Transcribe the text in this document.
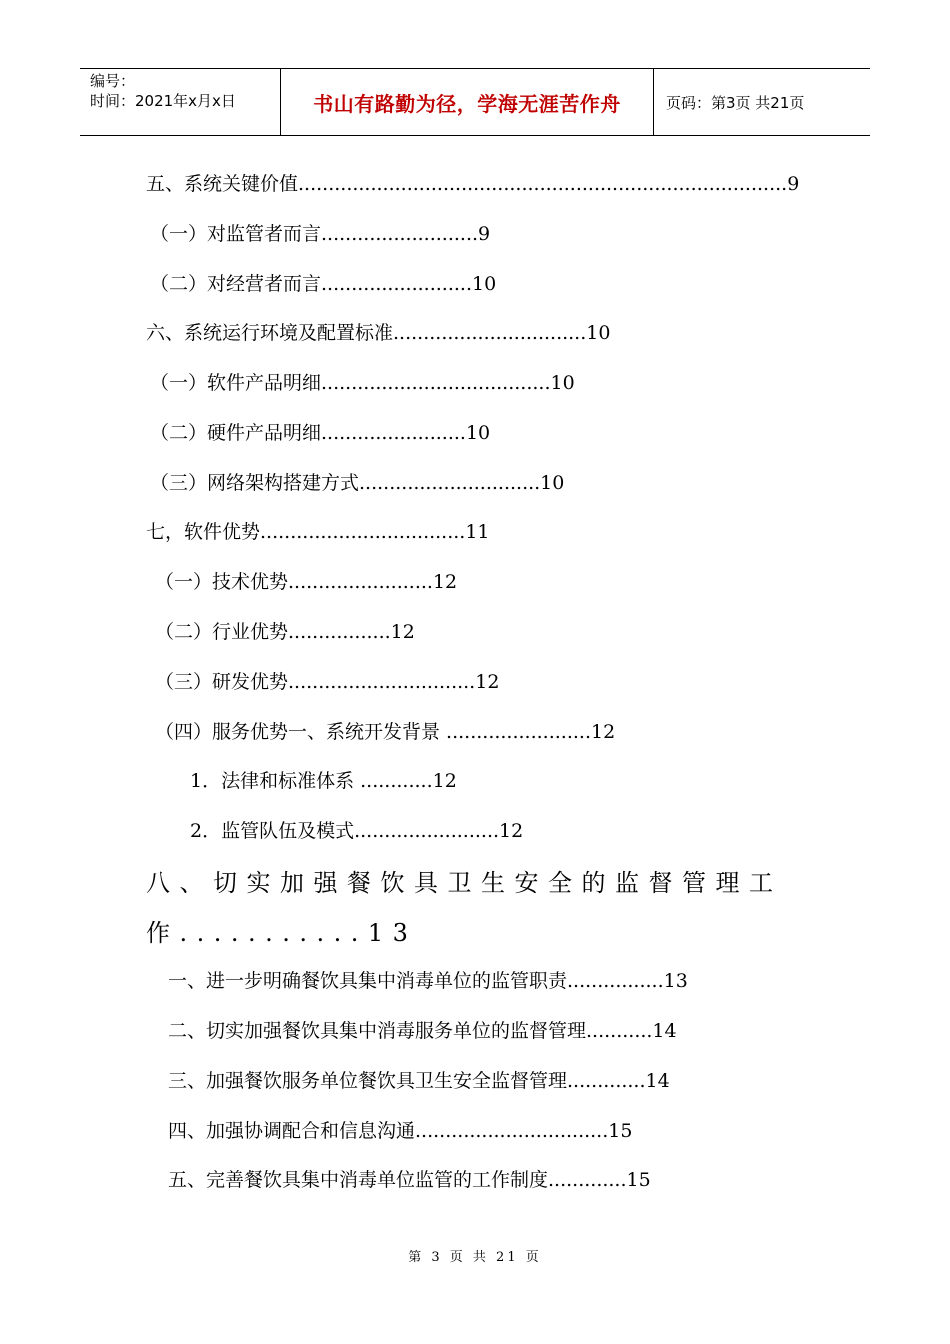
编号：
时间：2021年x月x日	书山有路勤为径，学海无涯苦作舟	页码：第3页 共21页
五、系统关键价值.................................................................................9
（一）对监管者而言..........................9
（二）对经营者而言.........................10
六、系统运行环境及配置标准................................10
（一）软件产品明细......................................10
（二）硬件产品明细........................10
（三）网络架构搭建方式..............................10
七，软件优势..................................11
（一）技术优势........................12
（二）行业优势.................12
（三）研发优势...............................12
（四）服务优势一、系统开发背景 ........................12
1．法律和标准体系 ............12
2．监管队伍及模式........................12
八、切实加强餐饮具卫生安全的监督管理工
作...........13
一、进一步明确餐饮具集中消毒单位的监管职责................13
二、切实加强餐饮具集中消毒服务单位的监督管理...........14
三、加强餐饮服务单位餐饮具卫生安全监督管理.............14
四、加强协调配合和信息沟通................................15
五、完善餐饮具集中消毒单位监管的工作制度.............15
第 3 页 共 21 页
